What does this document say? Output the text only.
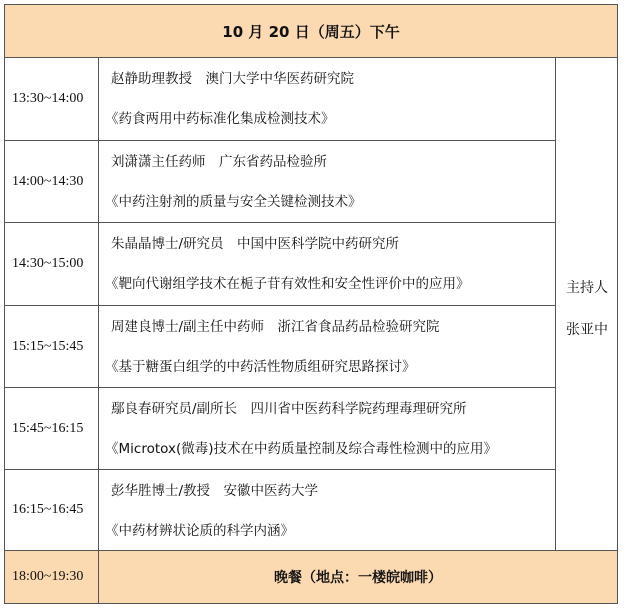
10 月 20 日（周五）下午
13:30~14:00
赵静助理教授　澳门大学中华医药研究院
《药食两用中药标准化集成检测技术》
14:00~14:30
刘潇潇主任药师　广东省药品检验所
《中药注射剂的质量与安全关键检测技术》
14:30~15:00
朱晶晶博士/研究员　中国中医科学院中药研究所
《靶向代谢组学技术在栀子苷有效性和安全性评价中的应用》
15:15~15:45
周建良博士/副主任中药师　浙江省食品药品检验研究院
《基于糖蛋白组学的中药活性物质组研究思路探讨》
15:45~16:15
鄢良春研究员/副所长　四川省中医药科学院药理毒理研究所
《Microtox(微毒)技术在中药质量控制及综合毒性检测中的应用》
16:15~16:45
彭华胜博士/教授　安徽中医药大学
《中药材辨状论质的科学内涵》
主持人
张亚中
18:00~19:30	晚餐（地点：一楼皖咖啡）
